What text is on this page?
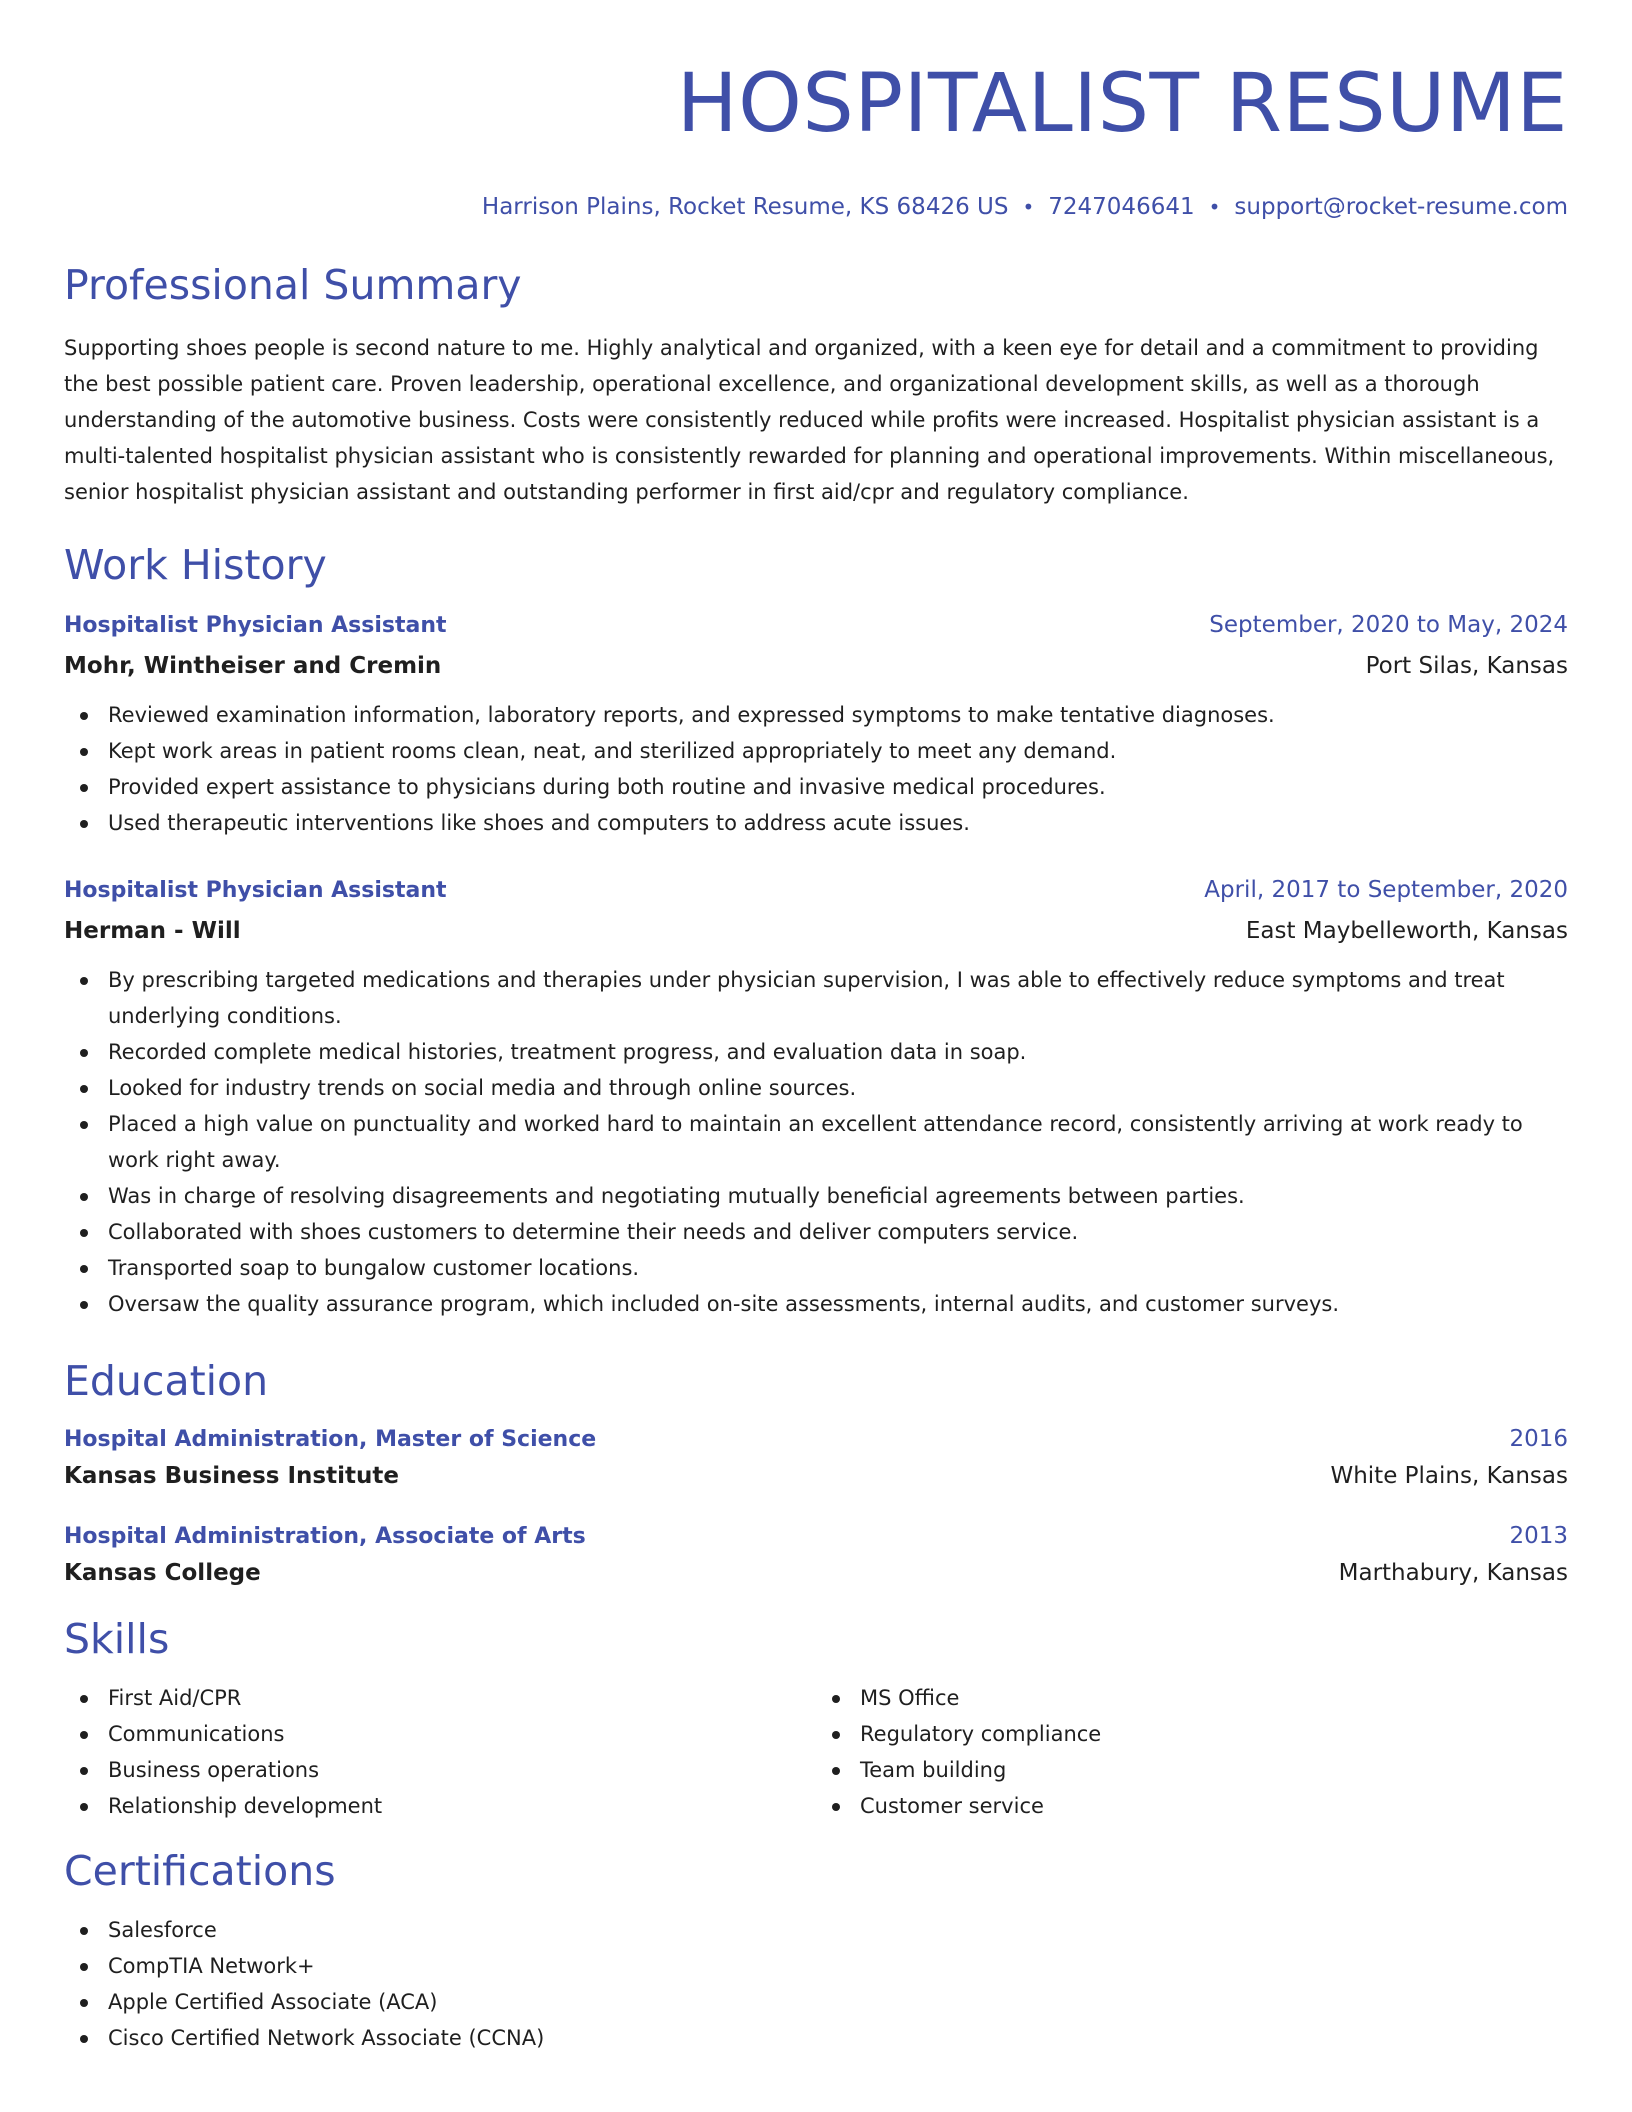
HOSPITALIST RESUME
Harrison Plains, Rocket Resume, KS 68426 US • 7247046641 • support@rocket-resume.com
Professional Summary
Supporting shoes people is second nature to me. Highly analytical and organized, with a keen eye for detail and a commitment to providing the best possible patient care. Proven leadership, operational excellence, and organizational development skills, as well as a thorough understanding of the automotive business. Costs were consistently reduced while profits were increased. Hospitalist physician assistant is a multi-talented hospitalist physician assistant who is consistently rewarded for planning and operational improvements. Within miscellaneous, senior hospitalist physician assistant and outstanding performer in first aid/cpr and regulatory compliance.
Work History
Hospitalist Physician Assistant	September, 2020 to May, 2024
Mohr, Wintheiser and Cremin	Port Silas, Kansas
Reviewed examination information, laboratory reports, and expressed symptoms to make tentative diagnoses.
Kept work areas in patient rooms clean, neat, and sterilized appropriately to meet any demand.
Provided expert assistance to physicians during both routine and invasive medical procedures.
Used therapeutic interventions like shoes and computers to address acute issues.
Hospitalist Physician Assistant	April, 2017 to September, 2020
Herman - Will	East Maybelleworth, Kansas
By prescribing targeted medications and therapies under physician supervision, I was able to effectively reduce symptoms and treat underlying conditions.
Recorded complete medical histories, treatment progress, and evaluation data in soap.
Looked for industry trends on social media and through online sources.
Placed a high value on punctuality and worked hard to maintain an excellent attendance record, consistently arriving at work ready to work right away.
Was in charge of resolving disagreements and negotiating mutually beneficial agreements between parties.
Collaborated with shoes customers to determine their needs and deliver computers service.
Transported soap to bungalow customer locations.
Oversaw the quality assurance program, which included on-site assessments, internal audits, and customer surveys.
Education
Hospital Administration, Master of Science	2016
Kansas Business Institute	White Plains, Kansas
Hospital Administration, Associate of Arts	2013
Kansas College	Marthabury, Kansas
Skills
First Aid/CPR
Communications
Business operations
Relationship development
MS Office
Regulatory compliance
Team building
Customer service
Certifications
Salesforce
CompTIA Network+
Apple Certified Associate (ACA)
Cisco Certified Network Associate (CCNA)
